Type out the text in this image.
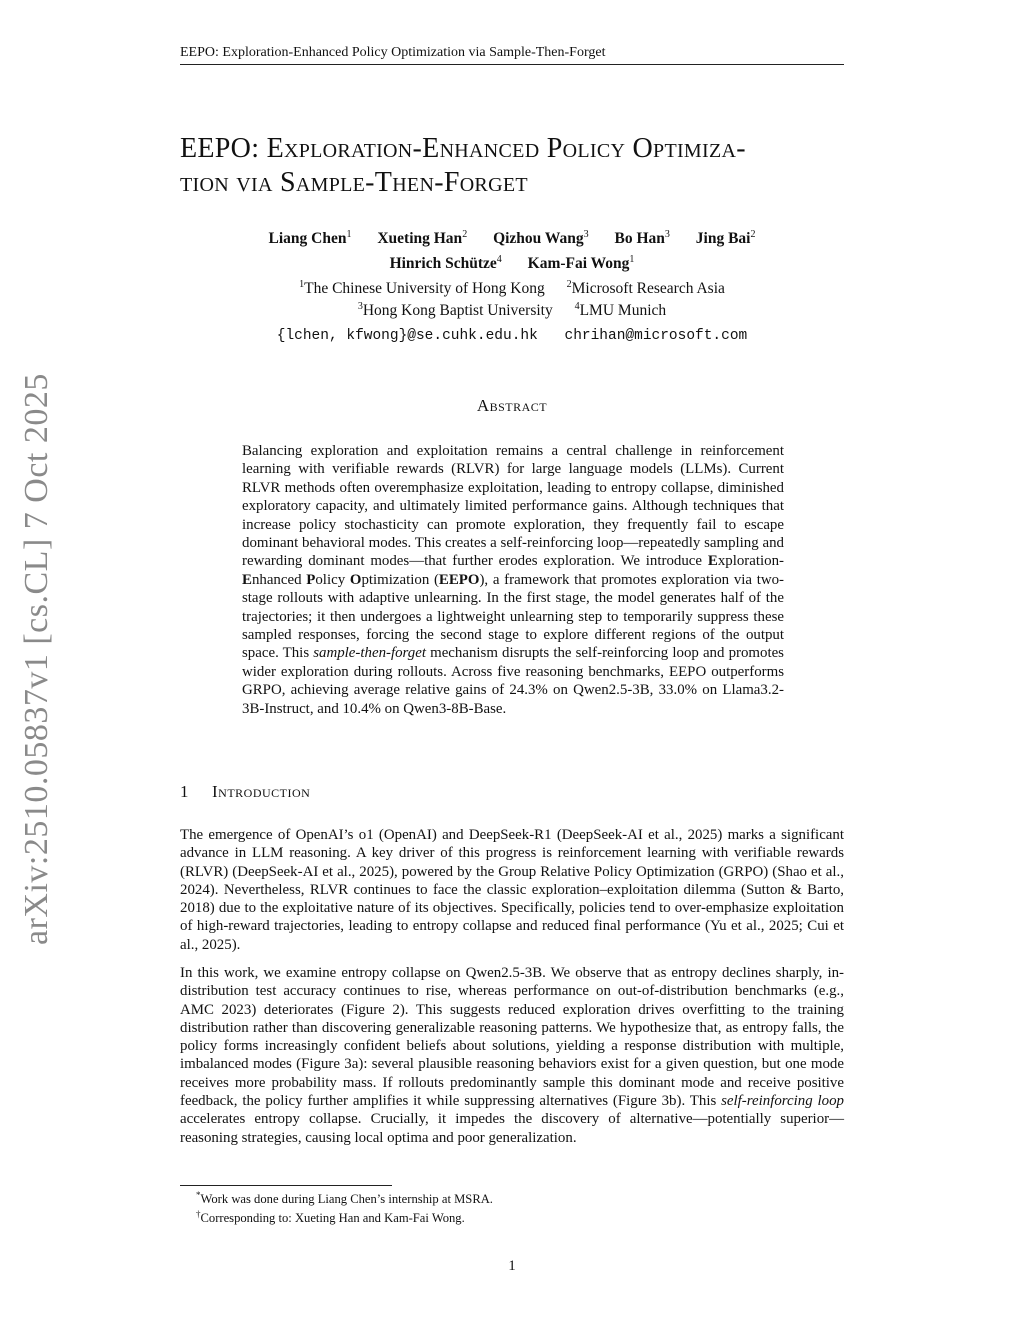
EEPO: Exploration-Enhanced Policy Optimization via Sample-Then-Forget
arXiv:2510.05837v1 [cs.CL] 7 Oct 2025
EEPO: Exploration-Enhanced Policy Optimiza-
tion via Sample-Then-Forget
Liang Chen$^1$ Xueting Han$^2$ Qizhou Wang$^3$ Bo Han$^3$ Jing Bai$^2$
Hinrich Schütze$^4$ Kam-Fai Wong$^1$
$^1$The Chinese University of Hong Kong $^2$Microsoft Research Asia
$^3$Hong Kong Baptist University $^4$LMU Munich
{lchen, kfwong}@se.cuhk.edu.hk chrihan@microsoft.com
Abstract
Balancing exploration and exploitation remains a central challenge in reinforcement learning with verifiable rewards (RLVR) for large language models (LLMs). Current RLVR methods often overemphasize exploitation, leading to entropy collapse, diminished exploratory capacity, and ultimately limited performance gains. Although techniques that increase policy stochasticity can promote exploration, they frequently fail to escape dominant behavioral modes. This creates a self-reinforcing loop—repeatedly sampling and rewarding dominant modes—that further erodes exploration. We introduce Exploration-Enhanced Policy Optimization (EEPO), a framework that promotes exploration via two-stage rollouts with adaptive unlearning. In the first stage, the model generates half of the trajectories; it then undergoes a lightweight unlearning step to temporarily suppress these sampled responses, forcing the second stage to explore different regions of the output space. This sample-then-forget mechanism disrupts the self-reinforcing loop and promotes wider exploration during rollouts. Across five reasoning benchmarks, EEPO outperforms GRPO, achieving average relative gains of 24.3% on Qwen2.5-3B, 33.0% on Llama3.2-3B-Instruct, and 10.4% on Qwen3-8B-Base.
1 Introduction
The emergence of OpenAI’s o1 (OpenAI) and DeepSeek-R1 (DeepSeek-AI et al., 2025) marks a significant advance in LLM reasoning. A key driver of this progress is reinforcement learning with verifiable rewards (RLVR) (DeepSeek-AI et al., 2025), powered by the Group Relative Policy Optimization (GRPO) (Shao et al., 2024). Nevertheless, RLVR continues to face the classic exploration–exploitation dilemma (Sutton & Barto, 2018) due to the exploitative nature of its objectives. Specifically, policies tend to over-emphasize exploitation of high-reward trajectories, leading to entropy collapse and reduced final performance (Yu et al., 2025; Cui et al., 2025).
In this work, we examine entropy collapse on Qwen2.5-3B. We observe that as entropy declines sharply, in-distribution test accuracy continues to rise, whereas performance on out-of-distribution benchmarks (e.g., AMC 2023) deteriorates (Figure 2). This suggests reduced exploration drives overfitting to the training distribution rather than discovering generalizable reasoning patterns. We hypothesize that, as entropy falls, the policy forms increasingly confident beliefs about solutions, yielding a response distribution with multiple, imbalanced modes (Figure 3a): several plausible reasoning behaviors exist for a given question, but one mode receives more probability mass. If rollouts predominantly sample this dominant mode and receive positive feedback, the policy further amplifies it while suppressing alternatives (Figure 3b). This self-reinforcing loop accelerates entropy collapse. Crucially, it impedes the discovery of alternative—potentially superior—reasoning strategies, causing local optima and poor generalization.
*Work was done during Liang Chen’s internship at MSRA.
†Corresponding to: Xueting Han and Kam-Fai Wong.
1
